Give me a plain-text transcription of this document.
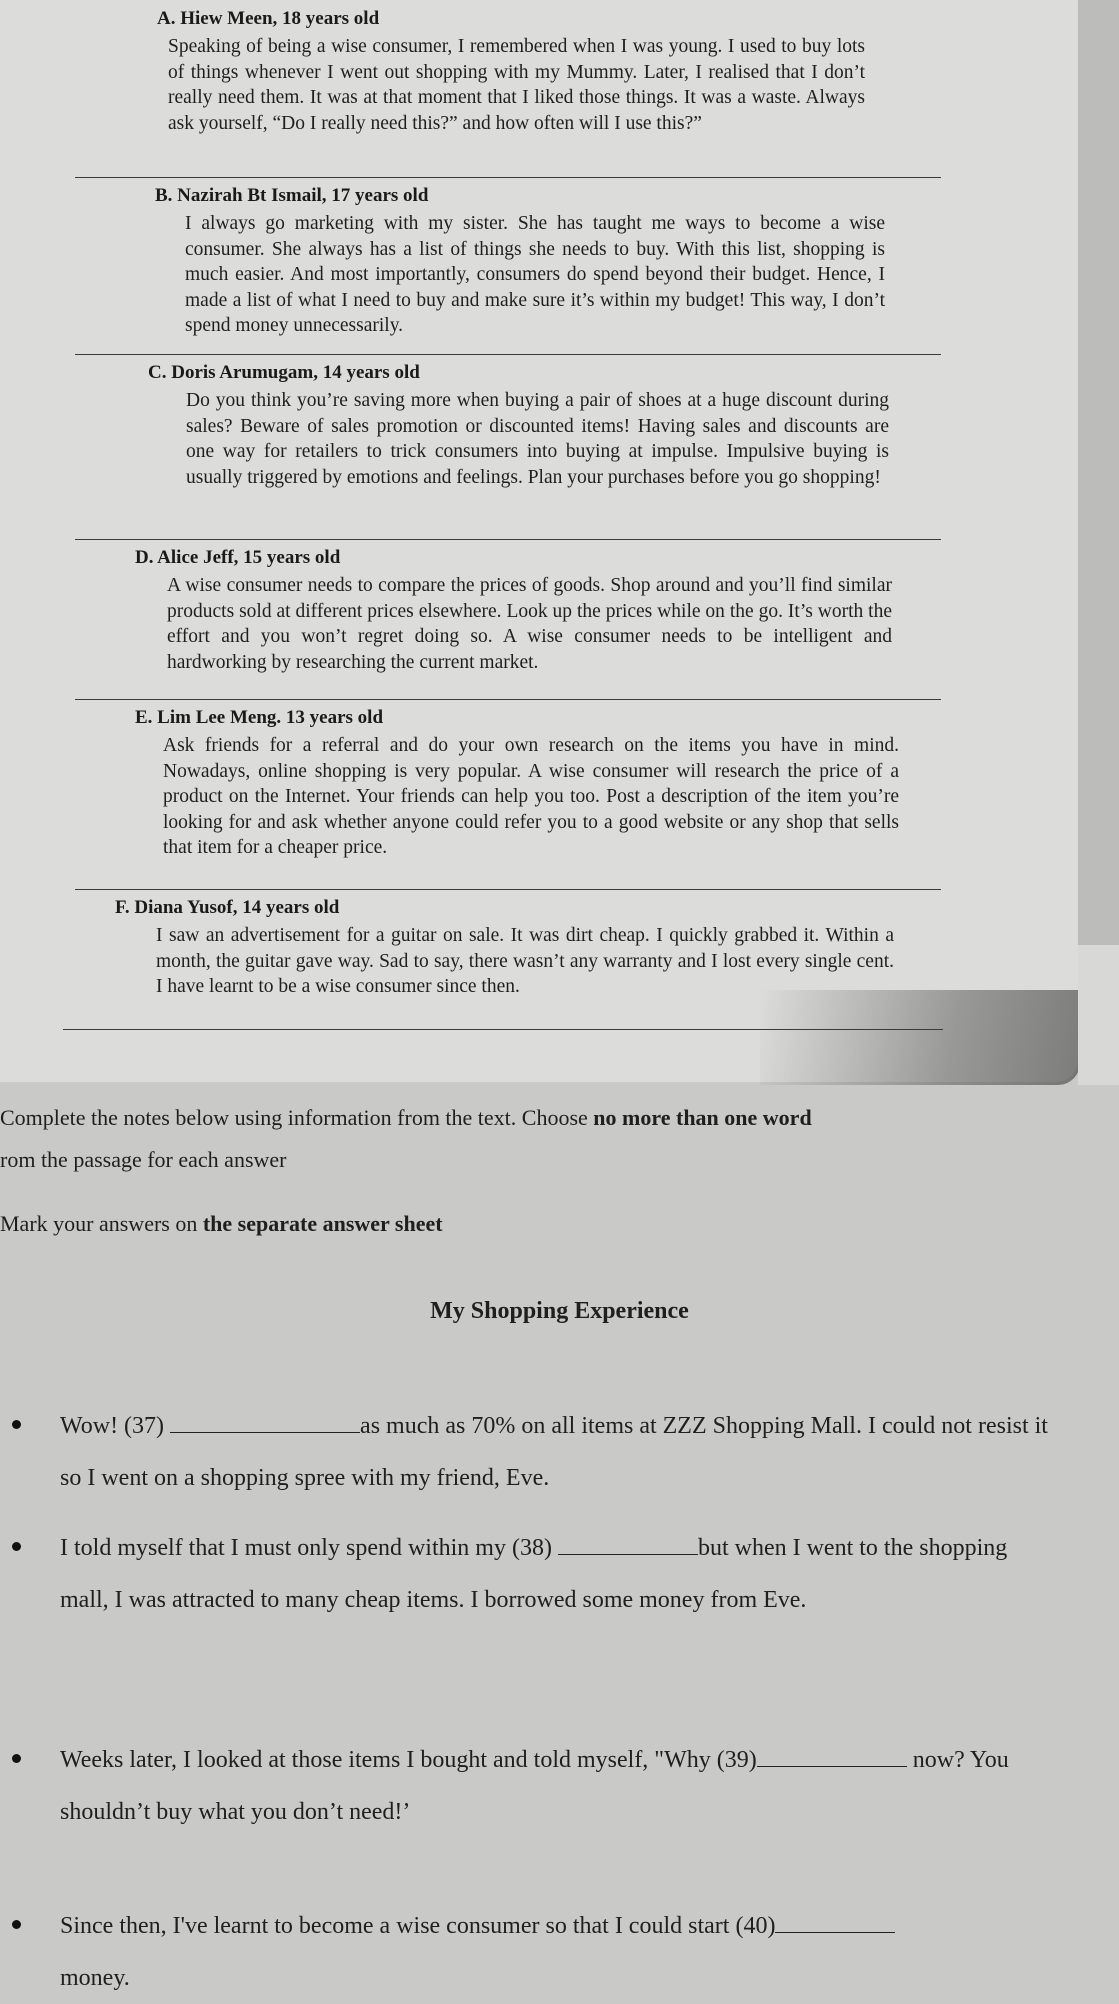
A. Hiew Meen, 18 years old

Speaking of being a wise consumer, I remembered when I was young. I used to buy lots of things whenever I went out shopping with my Mummy. Later, I realised that I don’t really need them. It was at that moment that I liked those things. It was a waste. Always ask yourself, “Do I really need this?” and how often will I use this?”

B. Nazirah Bt Ismail, 17 years old

I always go marketing with my sister. She has taught me ways to become a wise consumer. She always has a list of things she needs to buy. With this list, shopping is much easier. And most importantly, consumers do spend beyond their budget. Hence, I made a list of what I need to buy and make sure it’s within my budget! This way, I don’t spend money unnecessarily.

C. Doris Arumugam, 14 years old

Do you think you’re saving more when buying a pair of shoes at a huge discount during sales? Beware of sales promotion or discounted items! Having sales and discounts are one way for retailers to trick consumers into buying at impulse. Impulsive buying is usually triggered by emotions and feelings. Plan your purchases before you go shopping!

D. Alice Jeff, 15 years old

A wise consumer needs to compare the prices of goods. Shop around and you’ll find similar products sold at different prices elsewhere. Look up the prices while on the go. It’s worth the effort and you won’t regret doing so. A wise consumer needs to be intelligent and hardworking by researching the current market.

E. Lim Lee Meng. 13 years old

Ask friends for a referral and do your own research on the items you have in mind. Nowadays, online shopping is very popular. A wise consumer will research the price of a product on the Internet. Your friends can help you too. Post a description of the item you’re looking for and ask whether anyone could refer you to a good website or any shop that sells that item for a cheaper price.

F. Diana Yusof, 14 years old

I saw an advertisement for a guitar on sale. It was dirt cheap. I quickly grabbed it. Within a month, the guitar gave way. Sad to say, there wasn’t any warranty and I lost every single cent. I have learnt to be a wise consumer since then.

Complete the notes below using information from the text. Choose no more than one word
rom the passage for each answer
Mark your answers on the separate answer sheet
My Shopping Experience
Wow! (37)	as much as 70% on all items at ZZZ Shopping Mall. I could not resist it so I went on a shopping spree with my friend, Eve.
I told myself that I must only spend within my (38)	but when I went to the shopping mall, I was attracted to many cheap items. I borrowed some money from Eve.
Weeks later, I looked at those items I bought and told myself, "Why (39)	now? You shouldn’t buy what you don’t need!’
Since then, I've learnt to become a wise consumer so that I could start (40)
money.
